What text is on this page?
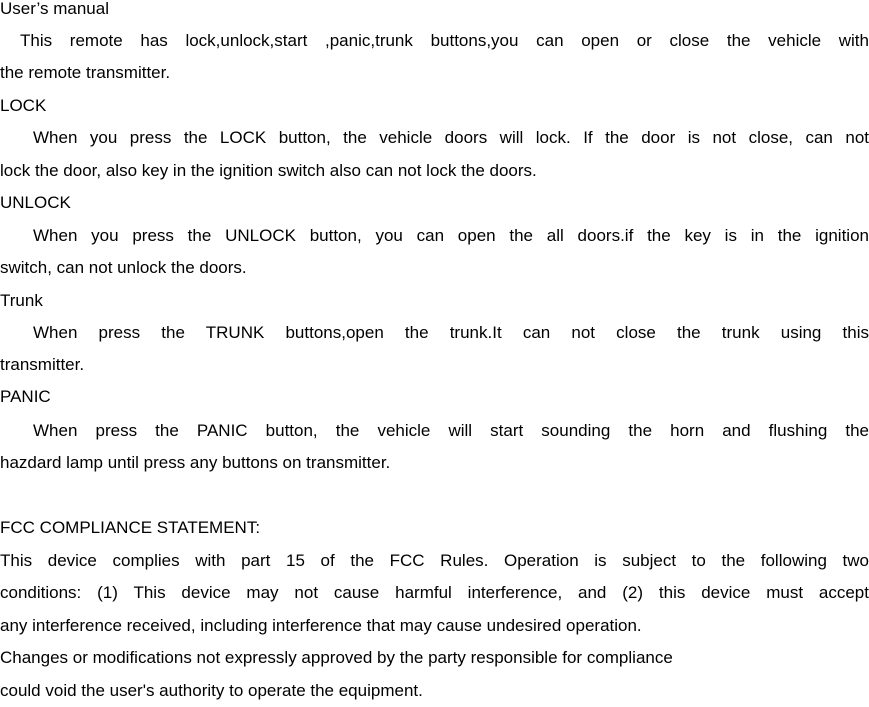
User’s manual
This remote has lock,unlock,start ,panic,trunk buttons,you can open or close the vehicle with
the remote transmitter.
LOCK
When you press the LOCK button, the vehicle doors will lock. If the door is not close, can not
lock the door, also key in the ignition switch also can not lock the doors.
UNLOCK
When you press the UNLOCK button, you can open the all doors.if the key is in the ignition
switch, can not unlock the doors.
Trunk
When press the TRUNK buttons,open the trunk.It can not close the trunk using this
transmitter.
PANIC
When press the PANIC button, the vehicle will start sounding the horn and flushing the
hazdard lamp until press any buttons on transmitter.
FCC COMPLIANCE STATEMENT:
This device complies with part 15 of the FCC Rules. Operation is subject to the following two
conditions: (1) This device may not cause harmful interference, and (2) this device must accept
any interference received, including interference that may cause undesired operation.
Changes or modifications not expressly approved by the party responsible for compliance
could void the user's authority to operate the equipment.
